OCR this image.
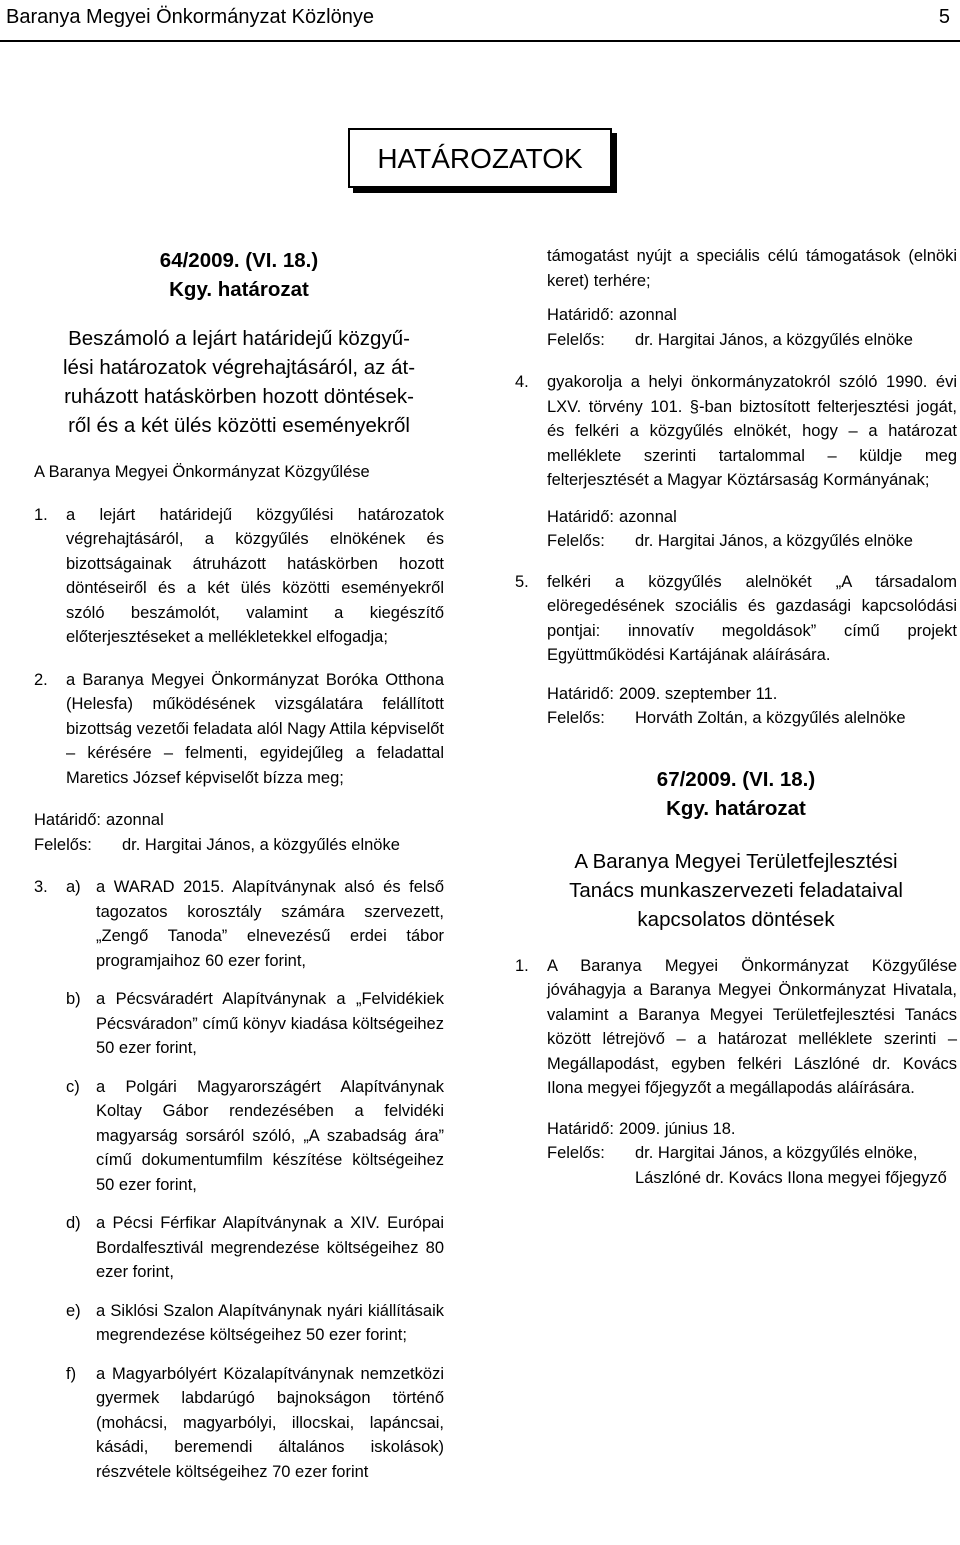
Baranya Megyei Önkormányzat Közlönye	5
HATÁROZATOK

64/2009. (VI. 18.)

Kgy. határozat

Beszámoló a lejárt határidejű közgyű-
lési határozatok végrehajtásáról, az át-
ruházott hatáskörben hozott döntések-
ről és a két ülés közötti eseményekről

A Baranya Megyei Önkormányzat Közgyűlése

1. a lejárt határidejű közgyűlési határozatok végrehajtásáról, a közgyűlés elnökének és bizottságainak átruházott hatáskörben hozott döntéseiről és a két ülés közötti eseményekről szóló beszámolót, valamint a kiegészítő előterjesztéseket a mellékletekkel elfogadja;
2. a Baranya Megyei Önkormányzat Boróka Otthona (Helesfa) működésének vizsgálatára felállított bizottság vezetői feladata alól Nagy Attila képviselőt – kérésére – felmenti, egyidejűleg a feladattal Maretics József képviselőt bízza meg;
Határidő: azonnal
Felelős:	dr. Hargitai János, a közgyűlés elnöke
3. a) a WARAD 2015. Alapítványnak alsó és felső tagozatos korosztály számára szervezett, „Zengő Tanoda” elnevezésű erdei tábor programjaihoz 60 ezer forint,
b) a Pécsváradért Alapítványnak a „Felvidékiek Pécsváradon” című könyv kiadása költségeihez 50 ezer forint,
c) a Polgári Magyarországért Alapítványnak Koltay Gábor rendezésében a felvidéki magyarság sorsáról szóló, „A szabadság ára” című dokumentumfilm készítése költségeihez 50 ezer forint,
d) a Pécsi Férfikar Alapítványnak a XIV. Európai Bordalfesztivál megrendezése költségeihez 80 ezer forint,
e) a Siklósi Szalon Alapítványnak nyári kiállításaik megrendezése költségeihez 50 ezer forint;
f) a Magyarbólyért Közalapítványnak nemzetközi gyermek labdarúgó bajnokságon történő (mohácsi, magyarbólyi, illocskai, lapáncsai, kásádi, beremendi általános iskolások) részvétele költségeihez 70 ezer forint
támogatást nyújt a speciális célú támogatások (elnöki keret) terhére;
Határidő: azonnal
Felelős:	dr. Hargitai János, a közgyűlés elnöke
4. gyakorolja a helyi önkormányzatokról szóló 1990. évi LXV. törvény 101. §-ban biztosított felterjesztési jogát, és felkéri a közgyűlés elnökét, hogy – a határozat melléklete szerinti tartalommal – küldje meg felterjesztését a Magyar Köztársaság Kormányának;
Határidő: azonnal
Felelős:	dr. Hargitai János, a közgyűlés elnöke
5. felkéri a közgyűlés alelnökét „A társadalom elöregedésének szociális és gazdasági kapcsolódási pontjai: innovatív megoldások” című projekt Együttműködési Kartájának aláírására.
Határidő: 2009. szeptember 11.
Felelős:	Horváth Zoltán, a közgyűlés alelnöke

67/2009. (VI. 18.)

Kgy. határozat

A Baranya Megyei Területfejlesztési
Tanács munkaszervezeti feladataival
kapcsolatos döntések
1. A Baranya Megyei Önkormányzat Közgyűlése jóváhagyja a Baranya Megyei Önkormányzat Hivatala, valamint a Baranya Megyei Területfejlesztési Tanács között létrejövő – a határozat melléklete szerinti – Megállapodást, egyben felkéri Lászlóné dr. Kovács Ilona megyei főjegyzőt a megállapodás aláírására.
Határidő: 2009. június 18.
Felelős:	dr. Hargitai János, a közgyűlés elnöke,
Lászlóné dr. Kovács Ilona megyei főjegyző
